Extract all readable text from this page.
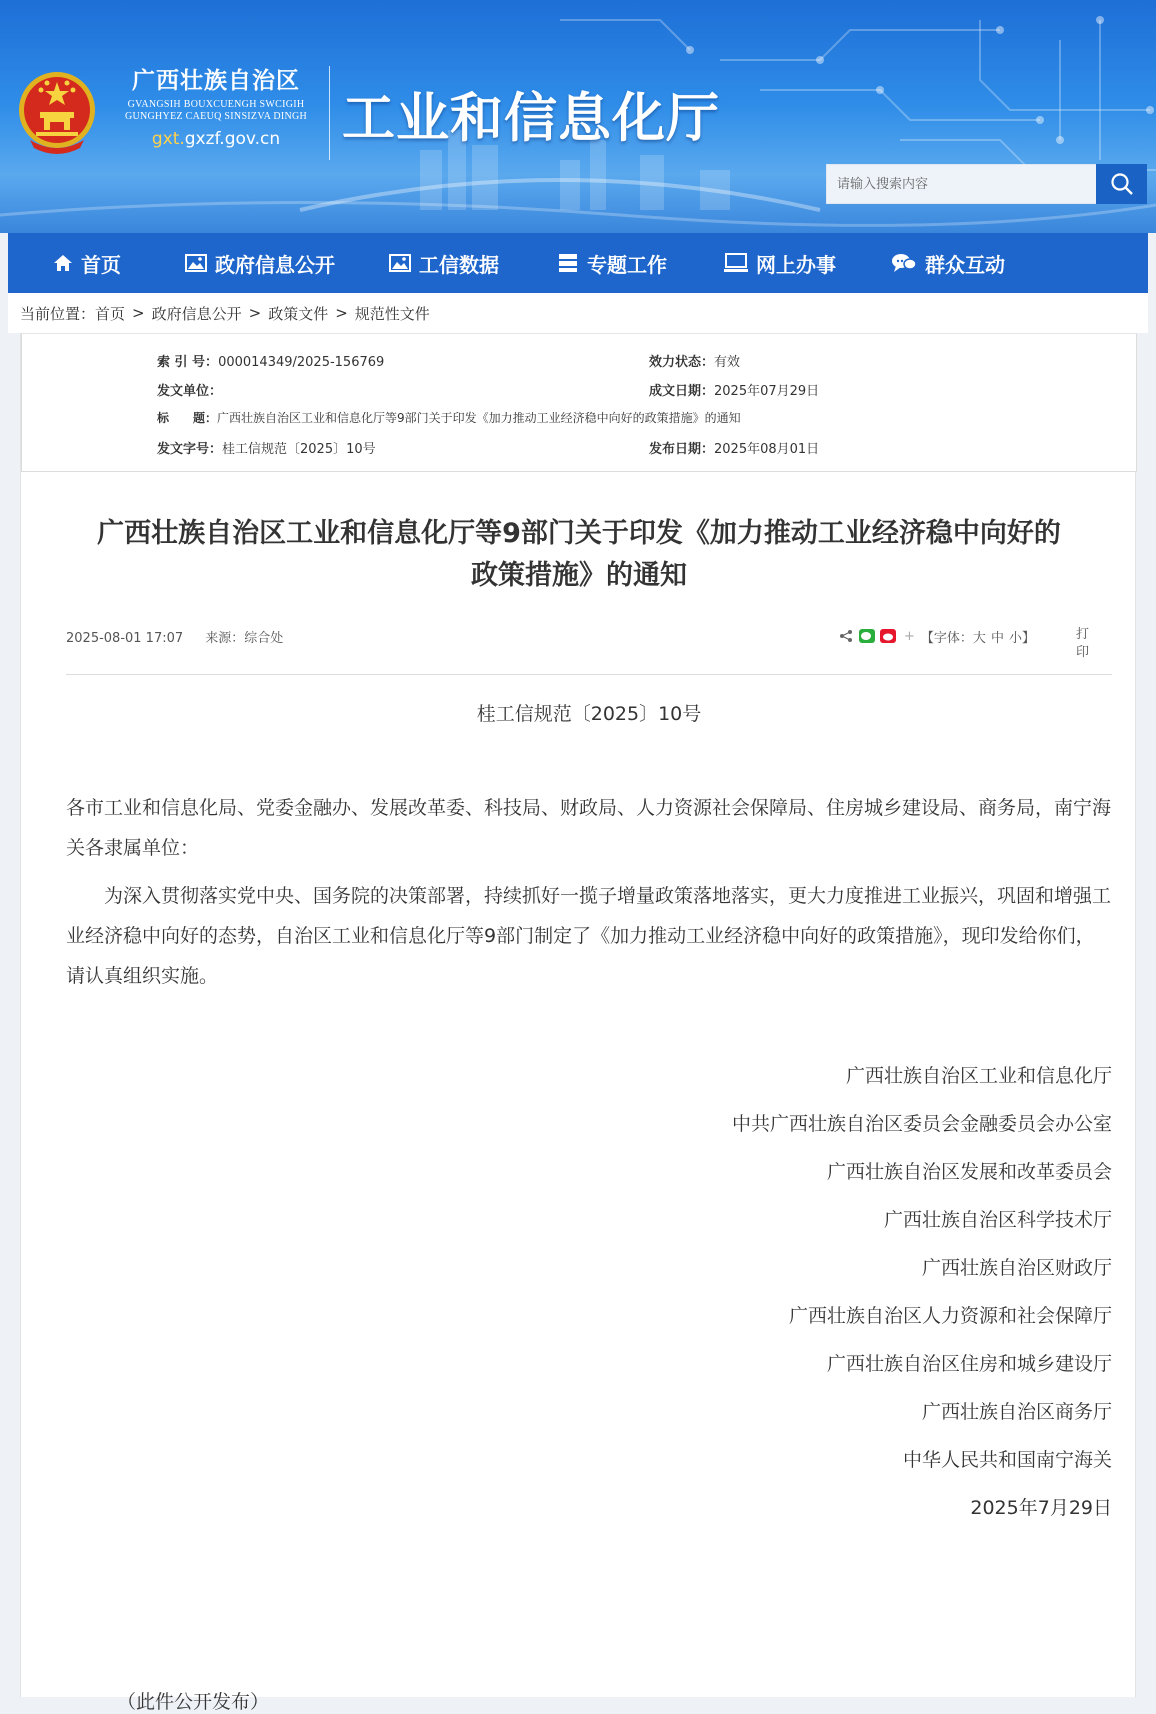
广西壮族自治区
GVANGSIH BOUXCUENGH SWCIGIH
GUNGHYEZ CAEUQ SINSIZVA DINGH
gxt.gxzf.gov.cn	工业和信息化厅
请输入搜索内容
首页	政府信息公开	工信数据	专题工作	网上办事	群众互动
当前位置： 首页 > 政府信息公开 > 政策文件 > 规范性文件
索 引 号：000014349/2025-156769	效力状态：有效
发文单位：	成文日期：2025年07月29日
标　　题：广西壮族自治区工业和信息化厅等9部门关于印发《加力推动工业经济稳中向好的政策措施》的通知
发文字号：桂工信规范〔2025〕10号	发布日期：2025年08月01日
广西壮族自治区工业和信息化厅等9部门关于印发《加力推动工业经济稳中向好的
政策措施》的通知
2025-08-01 17:07 来源：综合处	+ 【字体： 大 中 小 】	打印
桂工信规范〔2025〕10号
各市工业和信息化局、党委金融办、发展改革委、科技局、财政局、人力资源社会保障局、住房城乡建设局、商务局，南宁海关各隶属单位：
为深入贯彻落实党中央、国务院的决策部署，持续抓好一揽子增量政策落地落实，更大力度推进工业振兴，巩固和增强工业经济稳中向好的态势，自治区工业和信息化厅等9部门制定了《加力推动工业经济稳中向好的政策措施》，现印发给你们，请认真组织实施。
广西壮族自治区工业和信息化厅
中共广西壮族自治区委员会金融委员会办公室
广西壮族自治区发展和改革委员会
广西壮族自治区科学技术厅
广西壮族自治区财政厅
广西壮族自治区人力资源和社会保障厅
广西壮族自治区住房和城乡建设厅
广西壮族自治区商务厅
中华人民共和国南宁海关
2025年7月29日
（此件公开发布）
